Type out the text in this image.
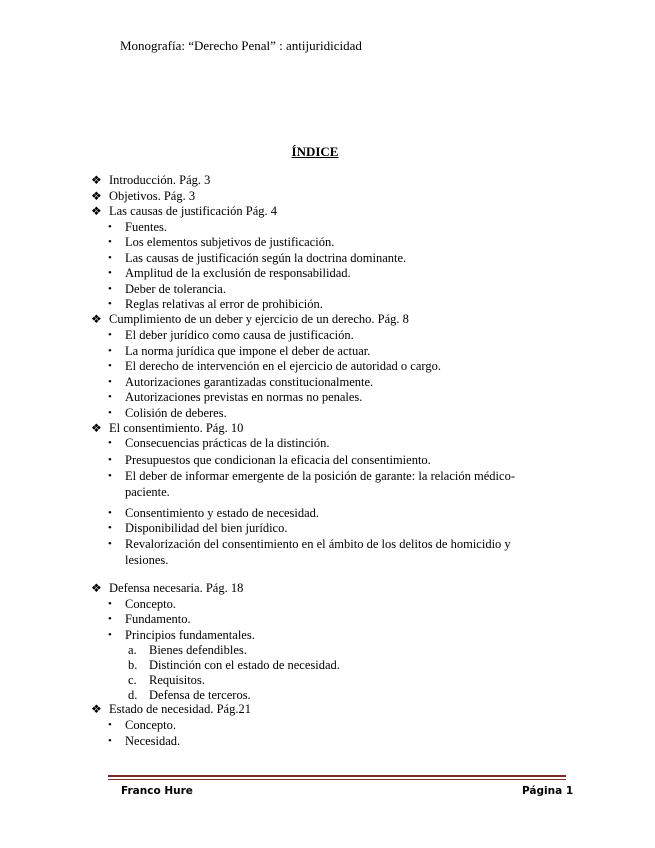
Monografía: “Derecho Penal” : antijuridicidad
ÍNDICE
❖ Introducción. Pág. 3
❖ Objetivos. Pág. 3
❖ Las causas de justificación Pág. 4
• Fuentes.
• Los elementos subjetivos de justificación.
• Las causas de justificación según la doctrina dominante.
• Amplitud de la exclusión de responsabilidad.
• Deber de tolerancia.
• Reglas relativas al error de prohibición.
❖ Cumplimiento de un deber y ejercicio de un derecho. Pág. 8
• El deber jurídico como causa de justificación.
• La norma jurídica que impone el deber de actuar.
• El derecho de intervención en el ejercicio de autoridad o cargo.
• Autorizaciones garantizadas constitucionalmente.
• Autorizaciones previstas en normas no penales.
• Colisión de deberes.
❖ El consentimiento. Pág. 10
• Consecuencias prácticas de la distinción.
• Presupuestos que condicionan la eficacia del consentimiento.
• El deber de informar emergente de la posición de garante: la relación médico-paciente.
• Consentimiento y estado de necesidad.
• Disponibilidad del bien jurídico.
• Revalorización del consentimiento en el ámbito de los delitos de homicidio y lesiones.
❖ Defensa necesaria. Pág. 18
• Concepto.
• Fundamento.
• Principios fundamentales.
a. Bienes defendibles.
b. Distinción con el estado de necesidad.
c. Requisitos.
d. Defensa de terceros.
❖ Estado de necesidad. Pág.21
• Concepto.
• Necesidad.
Franco Hure	Página 1
